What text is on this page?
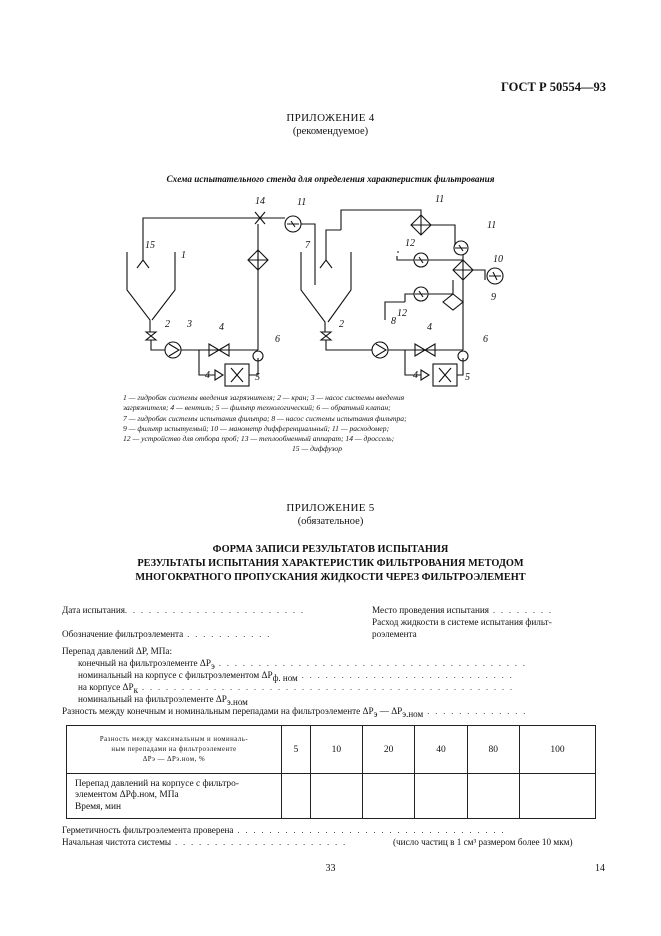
ГОСТ Р 50554—93
ПРИЛОЖЕНИЕ 4
(рекомендуемое)
Схема испытательного стенда для определения характеристик фильтрования
1
2 3	4
4	5
6
7
2	8
4
4	5
6
9
10
11	11
11
12
12
14
15
1 — гидробак системы введения загрязнителя; 2 — кран; 3 — насос системы введения
загрязнителя; 4 — вентиль; 5 — фильтр технологический; 6 — обратный клапан;
7 — гидробак системы испытания фильтра; 8 — насос системы испытания фильтра;
9 — фильтр испытуемый; 10 — манометр дифференциальный; 11 — расходомер;
12 — устройство для отбора проб; 13 — теплообменный аппарат; 14 — дроссель;
15 — диффузор
ПРИЛОЖЕНИЕ 5
(обязательное)
ФОРМА ЗАПИСИ РЕЗУЛЬТАТОВ ИСПЫТАНИЯ
РЕЗУЛЬТАТЫ ИСПЫТАНИЯ ХАРАКТЕРИСТИК ФИЛЬТРОВАНИЯ МЕТОДОМ
МНОГОКРАТНОГО ПРОПУСКАНИЯ ЖИДКОСТИ ЧЕРЕЗ ФИЛЬТРОЭЛЕМЕНТ
Дата испытания. . . . . . . . . . . . . . . . . . . . . . .	Место проведения испытания . . . . . . . .
Расход жидкости в системе испытания фильт-
роэлемента
Обозначение фильтроэлемента . . . . . . . . . . .
Перепад давлений ΔP, МПа:
конечный на фильтроэлементе $\Delta P_э$ . . . . . . . . . . . . . . . . . . . . . . . . . . . . . . . . . . . . . . .
номинальный на корпусе с фильтроэлементом $\Delta P_{ф. ном}$ . . . . . . . . . . . . . . . . . . . . . . . . . . .
на корпусе $\Delta P_к$ . . . . . . . . . . . . . . . . . . . . . . . . . . . . . . . . . . . . . . . . . . . . . . .
номинальный на фильтроэлементе $\Delta P_{э.ном}$
Разность между конечным и номинальным перепадами на фильтроэлементе $\Delta P_э$ — $\Delta P_{э.ном}$ . . . . . . . . . . . . .
Разность между максимальным и номиналь-
ным перепадами на фильтроэлементе
ΔPэ — ΔPэ.ном, %	5	10	20	40	80	100

Перепад давлений на корпусе с фильтро-
элементом ΔPф.ном, МПа
Время, мин						

Герметичность фильтроэлемента проверена . . . . . . . . . . . . . . . . . . . . . . . . . . . . . . . . . .
Начальная чистота системы . . . . . . . . . . . . . . . . . . . . . .	(число частиц в 1 см³ размером более 10 мкм)
33	14
